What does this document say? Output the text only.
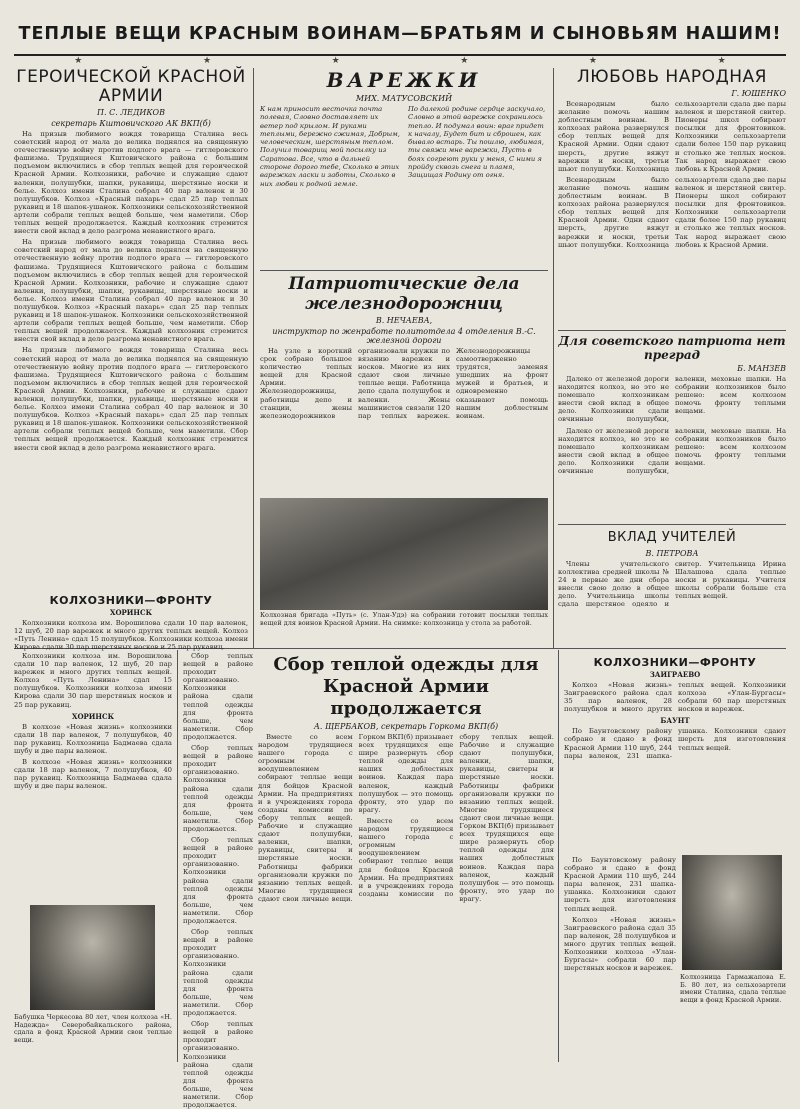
ТЕПЛЫЕ ВЕЩИ КРАСНЫМ ВОИНАМ—БРАТЬЯМ И СЫНОВЬЯМ НАШИМ!
★	★	★	★	★	★
ГЕРОИЧЕСКОЙ КРАСНОЙ АРМИИ
П. С. ЛЕДИКОВ
секретарь Кштовичского АК ВКП(б)

На призыв любимого вождя товарища Сталина весь советский народ от мала до велика поднялся на священную отечественную войну против подлого врага — гитлеровского фашизма. Трудящиеся Кштовичского района с большим подъемом включились в сбор теплых вещей для героической Красной Армии. Колхозники, рабочие и служащие сдают валенки, полушубки, шапки, рукавицы, шерстяные носки и белье. Колхоз имени Сталина собрал 40 пар валенок и 30 полушубков. Колхоз «Красный пахарь» сдал 25 пар теплых рукавиц и 18 шапок-ушанок. Колхозники сельскохозяйственной артели собрали теплых вещей больше, чем наметили. Сбор теплых вещей продолжается. Каждый колхозник стремится внести свой вклад в дело разгрома ненавистного врага.

На призыв любимого вождя товарища Сталина весь советский народ от мала до велика поднялся на священную отечественную войну против подлого врага — гитлеровского фашизма. Трудящиеся Кштовичского района с большим подъемом включились в сбор теплых вещей для героической Красной Армии. Колхозники, рабочие и служащие сдают валенки, полушубки, шапки, рукавицы, шерстяные носки и белье. Колхоз имени Сталина собрал 40 пар валенок и 30 полушубков. Колхоз «Красный пахарь» сдал 25 пар теплых рукавиц и 18 шапок-ушанок. Колхозники сельскохозяйственной артели собрали теплых вещей больше, чем наметили. Сбор теплых вещей продолжается. Каждый колхозник стремится внести свой вклад в дело разгрома ненавистного врага.

На призыв любимого вождя товарища Сталина весь советский народ от мала до велика поднялся на священную отечественную войну против подлого врага — гитлеровского фашизма. Трудящиеся Кштовичского района с большим подъемом включились в сбор теплых вещей для героической Красной Армии. Колхозники, рабочие и служащие сдают валенки, полушубки, шапки, рукавицы, шерстяные носки и белье. Колхоз имени Сталина собрал 40 пар валенок и 30 полушубков. Колхоз «Красный пахарь» сдал 25 пар теплых рукавиц и 18 шапок-ушанок. Колхозники сельскохозяйственной артели собрали теплых вещей больше, чем наметили. Сбор теплых вещей продолжается. Каждый колхозник стремится внести свой вклад в дело разгрома ненавистного врага.

КОЛХОЗНИКИ—ФРОНТУ
ХОРИНСК

Колхозники колхоза им. Ворошилова сдали 10 пар валенок, 12 шуб, 20 пар варежек и много других теплых вещей. Колхоз «Путь Ленина» сдал 15 полушубков. Колхозники колхоза имени Кирова сдали 30 пар шерстяных носков и 25 пар рукавиц.

Колхозники колхоза им. Ворошилова сдали 10 пар валенок, 12 шуб, 20 пар варежек и много других теплых вещей. Колхоз «Путь Ленина» сдал 15 полушубков. Колхозники колхоза имени Кирова сдали 30 пар шерстяных носков и 25 пар рукавиц.

ХОРИНСК

В колхозе «Новая жизнь» колхозники сдали 18 пар валенок, 7 полушубков, 40 пар рукавиц. Колхозница Бадмаева сдала шубу и две пары валенок.

В колхозе «Новая жизнь» колхозники сдали 18 пар валенок, 7 полушубков, 40 пар рукавиц. Колхозница Бадмаева сдала шубу и две пары валенок.

Бабушка Черкесова 80 лет, член колхоза «Н. Надежда» Северобайкальского района, сдала в фонд Красной Армии свои теплые вещи.
ВАРЕЖКИ
МИХ. МАТУСОВСКИЙ
К нам приносит весточка почта полевая, Словно доставляет их ветер под крылом. И руками теплыми, бережно сжимая, Добрым, человеческим, шерстяным теплом. Получил товарищ мой посылку из Саратова. Все, что в дальней стороне дорого тебе, Сколько в этих варежках ласки и заботы, Сколько в них любви к родной земле.
По далекой родине сердце заскучало, Словно в этой варежке сохранилось тепло. И подумал воин: враг придет к началу, Будет бит и сброшен, как бывало встарь. Ты пошлю, любимая, ты свяжи мне варежки, Пусть в боях согреют руки у меня, С ними я пройду сквозь снега и пламя, Защищая Родину от огня.
Патриотические дела железнодорожниц
В. НЕЧАЕВА,
инструктор по женработе политотдела 4 отделения В.-С. железной дороги

На узле в короткий срок собрано большое количество теплых вещей для Красной Армии. Железнодорожницы, работницы депо и станции, жены железнодорожников организовали кружки по вязанию варежек и носков. Многие из них сдают свои личные теплые вещи. Работница депо сдала полушубок и валенки. Жены машинистов связали 120 пар теплых варежек. Железнодорожницы самоотверженно трудятся, заменяя ушедших на фронт мужей и братьев, и одновременно оказывают помощь нашим доблестным воинам.

Колхозная бригада «Путь» (с. Улан-Удэ) на собрании готовит посылки теплых вещей для воинов Красной Армии. На снимке: колхозница у стола за работой.
ЛЮБОВЬ НАРОДНАЯ
Г. ЮШЕНКО

Всенародным было желание помочь нашим доблестным воинам. В колхозах района развернулся сбор теплых вещей для Красной Армии. Одни сдают шерсть, другие вяжут варежки и носки, третьи шьют полушубки. Колхозница сельхозартели сдала две пары валенок и шерстяной свитер. Пионеры школ собирают посылки для фронтовиков. Колхозники сельхозартели сдали более 150 пар рукавиц и столько же теплых носков. Так народ выражает свою любовь к Красной Армии.

Всенародным было желание помочь нашим доблестным воинам. В колхозах района развернулся сбор теплых вещей для Красной Армии. Одни сдают шерсть, другие вяжут варежки и носки, третьи шьют полушубки. Колхозница сельхозартели сдала две пары валенок и шерстяной свитер. Пионеры школ собирают посылки для фронтовиков. Колхозники сельхозартели сдали более 150 пар рукавиц и столько же теплых носков. Так народ выражает свою любовь к Красной Армии.

Для советского патриота нет преград
Б. МАНЗЕВ

Далеко от железной дороги находится колхоз, но это не помешало колхозникам внести свой вклад в общее дело. Колхозники сдали овчинные полушубки, валенки, меховые шапки. На собрании колхозников было решено: всем колхозом помочь фронту теплыми вещами.

Далеко от железной дороги находится колхоз, но это не помешало колхозникам внести свой вклад в общее дело. Колхозники сдали овчинные полушубки, валенки, меховые шапки. На собрании колхозников было решено: всем колхозом помочь фронту теплыми вещами.

ВКЛАД УЧИТЕЛЕЙ
В. ПЕТРОВА

Члены учительского коллектива средней школы № 24 в первые же дни сбора внесли свою долю в общее дело. Учительница школы сдала шерстяное одеяло и свитер. Учительница Ирина Шалашова сдала теплые носки и рукавицы. Учителя школы собрали больше ста теплых вещей.

Сбор теплых вещей в районе проходит организованно. Колхозники района сдали теплой одежды для фронта больше, чем наметили. Сбор продолжается.

Сбор теплых вещей в районе проходит организованно. Колхозники района сдали теплой одежды для фронта больше, чем наметили. Сбор продолжается.

Сбор теплых вещей в районе проходит организованно. Колхозники района сдали теплой одежды для фронта больше, чем наметили. Сбор продолжается.

Сбор теплых вещей в районе проходит организованно. Колхозники района сдали теплой одежды для фронта больше, чем наметили. Сбор продолжается.

Сбор теплых вещей в районе проходит организованно. Колхозники района сдали теплой одежды для фронта больше, чем наметили. Сбор продолжается.

Сбор теплой одежды для Красной Армии продолжается
А. ЩЕРБАКОВ, секретарь Горкома ВКП(б)

Вместе со всем народом трудящиеся нашего города с огромным воодушевлением собирают теплые вещи для бойцов Красной Армии. На предприятиях и в учреждениях города созданы комиссии по сбору теплых вещей. Рабочие и служащие сдают полушубки, валенки, шапки, рукавицы, свитеры и шерстяные носки. Работницы фабрики организовали кружки по вязанию теплых вещей. Многие трудящиеся сдают свои личные вещи. Горком ВКП(б) призывает всех трудящихся еще шире развернуть сбор теплой одежды для наших доблестных воинов. Каждая пара валенок, каждый полушубок — это помощь фронту, это удар по врагу.

Вместе со всем народом трудящиеся нашего города с огромным воодушевлением собирают теплые вещи для бойцов Красной Армии. На предприятиях и в учреждениях города созданы комиссии по сбору теплых вещей. Рабочие и служащие сдают полушубки, валенки, шапки, рукавицы, свитеры и шерстяные носки. Работницы фабрики организовали кружки по вязанию теплых вещей. Многие трудящиеся сдают свои личные вещи. Горком ВКП(б) призывает всех трудящихся еще шире развернуть сбор теплой одежды для наших доблестных воинов. Каждая пара валенок, каждый полушубок — это помощь фронту, это удар по врагу.

КОЛХОЗНИКИ—ФРОНТУ
ЗАИГРАЕВО

Колхоз «Новая жизнь» Заиграевского района сдал 35 пар валенок, 28 полушубков и много других теплых вещей. Колхозники колхоза «Улан-Бургасы» собрали 60 пар шерстяных носков и варежек.

БАУНТ

По Баунтовскому району собрано и сдано в фонд Красной Армии 110 шуб, 244 пары валенок, 231 шапка-ушанка. Колхозники сдают шерсть для изготовления теплых вещей.

По Баунтовскому району собрано и сдано в фонд Красной Армии 110 шуб, 244 пары валенок, 231 шапка-ушанка. Колхозники сдают шерсть для изготовления теплых вещей.

Колхоз «Новая жизнь» Заиграевского района сдал 35 пар валенок, 28 полушубков и много других теплых вещей. Колхозники колхоза «Улан-Бургасы» собрали 60 пар шерстяных носков и варежек.

Колхозница Гармажапова Е. Б. 80 лет, из сельхозартели имени Сталина, сдала теплые вещи в фонд Красной Армии.
